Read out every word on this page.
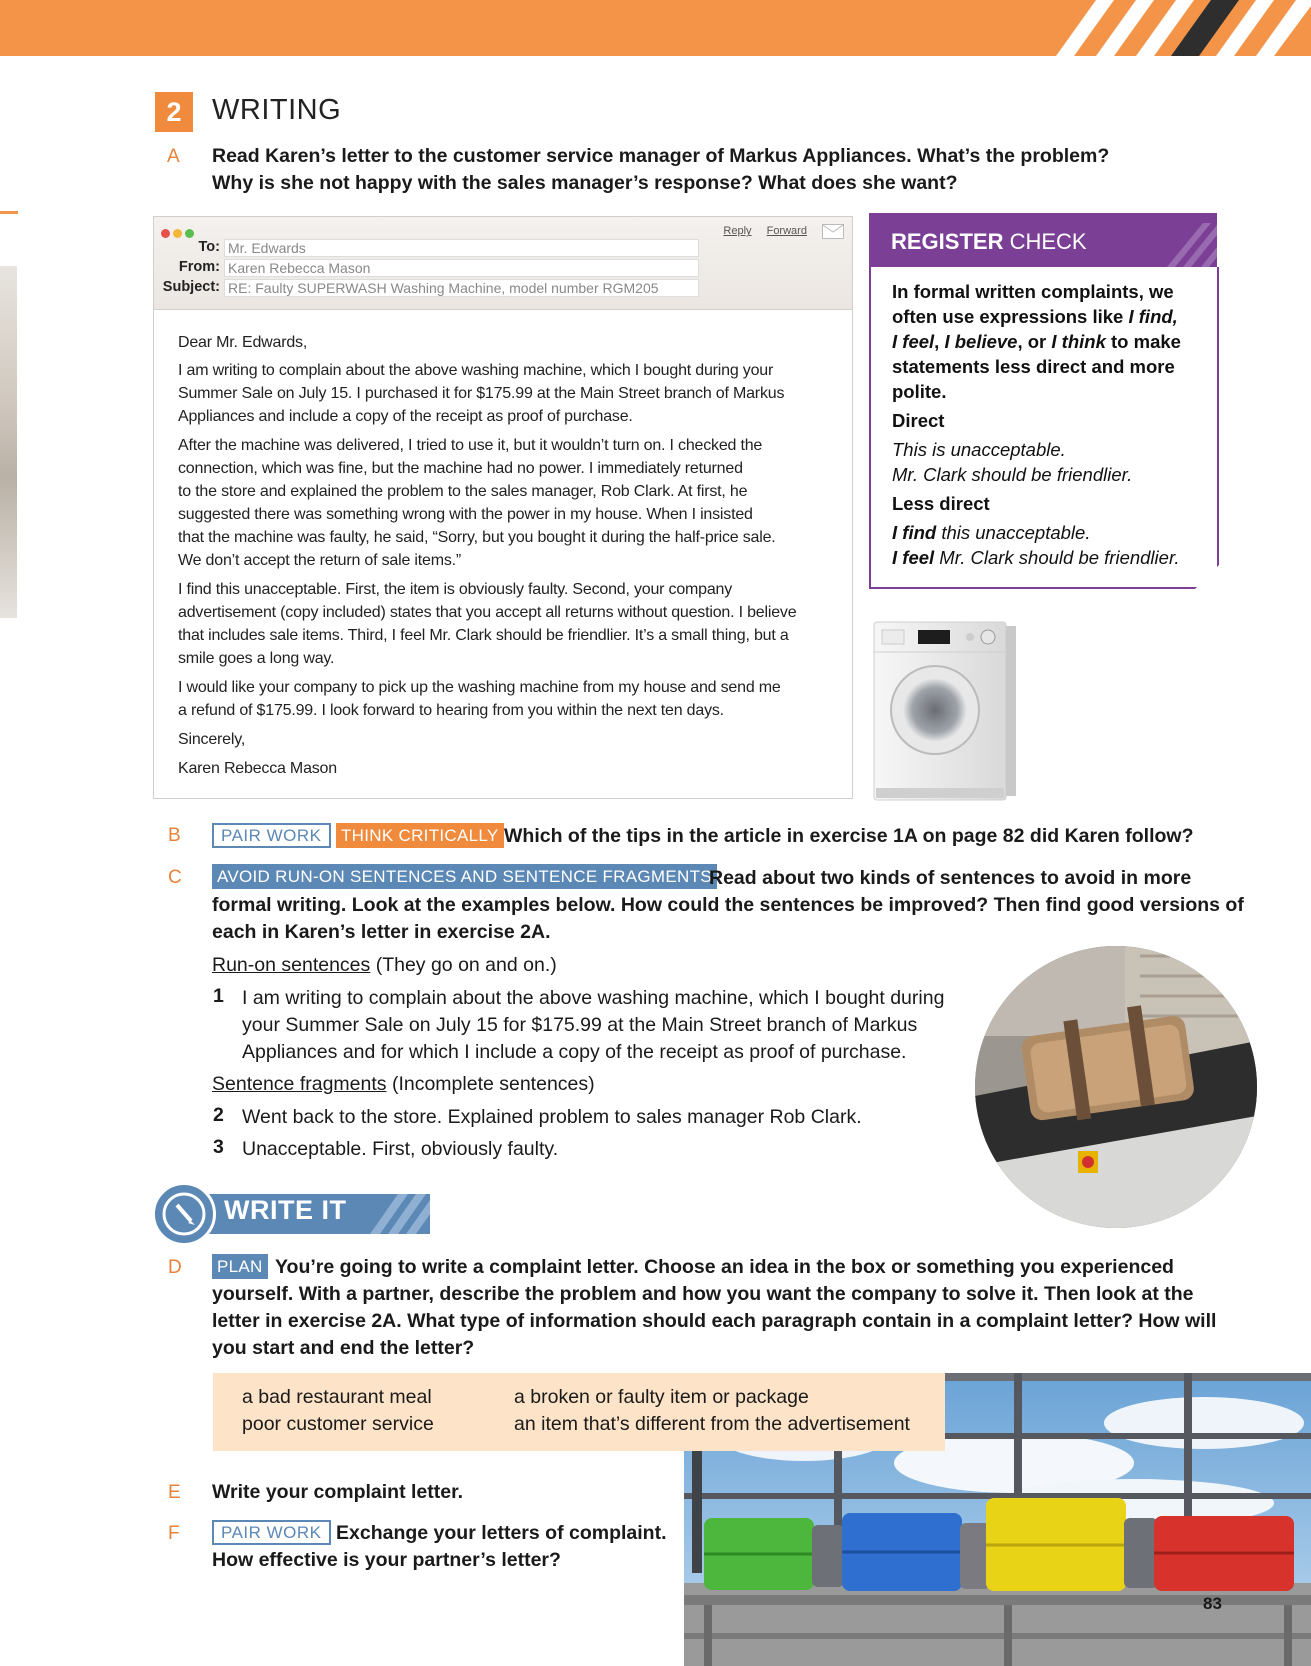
2	WRITING
A Read Karen’s letter to the customer service manager of Markus Appliances. What’s the problem?
Why is she not happy with the sales manager’s response? What does she want?
Reply Forward
To: Mr. Edwards
From: Karen Rebecca Mason
Subject: RE: Faulty SUPERWASH Washing Machine, model number RGM205

Dear Mr. Edwards,

I am writing to complain about the above washing machine, which I bought during your
Summer Sale on July 15. I purchased it for $175.99 at the Main Street branch of Markus
Appliances and include a copy of the receipt as proof of purchase.

After the machine was delivered, I tried to use it, but it wouldn’t turn on. I checked the
connection, which was fine, but the machine had no power. I immediately returned
to the store and explained the problem to the sales manager, Rob Clark. At first, he
suggested there was something wrong with the power in my house. When I insisted
that the machine was faulty, he said, “Sorry, but you bought it during the half-price sale.
We don’t accept the return of sale items.”

I find this unacceptable. First, the item is obviously faulty. Second, your company
advertisement (copy included) states that you accept all returns without question. I believe
that includes sale items. Third, I feel Mr. Clark should be friendlier. It’s a small thing, but a
smile goes a long way.

I would like your company to pick up the washing machine from my house and send me
a refund of $175.99. I look forward to hearing from you within the next ten days.

Sincerely,

Karen Rebecca Mason

REGISTER CHECK
In formal written complaints, we
often use expressions like I find,
I feel, I believe, or I think to make
statements less direct and more
polite.
Direct
This is unacceptable.
Mr. Clark should be friendlier.
Less direct
I find this unacceptable.
I feel Mr. Clark should be friendlier.
B	PAIR WORK	THINK CRITICALLY Which of the tips in the article in exercise 1A on page 82 did Karen follow?
C AVOID RUN-ON SENTENCES AND SENTENCE FRAGMENTS
Read about two kinds of sentences to avoid in more
formal writing. Look at the examples below. How could the sentences be improved? Then find good versions of
each in Karen’s letter in exercise 2A.
Run-on sentences (They go on and on.)
1 I am writing to complain about the above washing machine, which I bought during
your Summer Sale on July 15 for $175.99 at the Main Street branch of Markus
Appliances and for which I include a copy of the receipt as proof of purchase.
Sentence fragments (Incomplete sentences)
2 Went back to the store. Explained problem to sales manager Rob Clark.
3 Unacceptable. First, obviously faulty.
WRITE IT
D PLAN You’re going to write a complaint letter. Choose an idea in the box or something you experienced
yourself. With a partner, describe the problem and how you want the company to solve it. Then look at the
letter in exercise 2A. What type of information should each paragraph contain in a complaint letter? How will
you start and end the letter?
a bad restaurant meal
poor customer service
a broken or faulty item or package
an item that’s different from the advertisement
E Write your complaint letter.
F	PAIR WORK Exchange your letters of complaint.
How effective is your partner’s letter?
83
